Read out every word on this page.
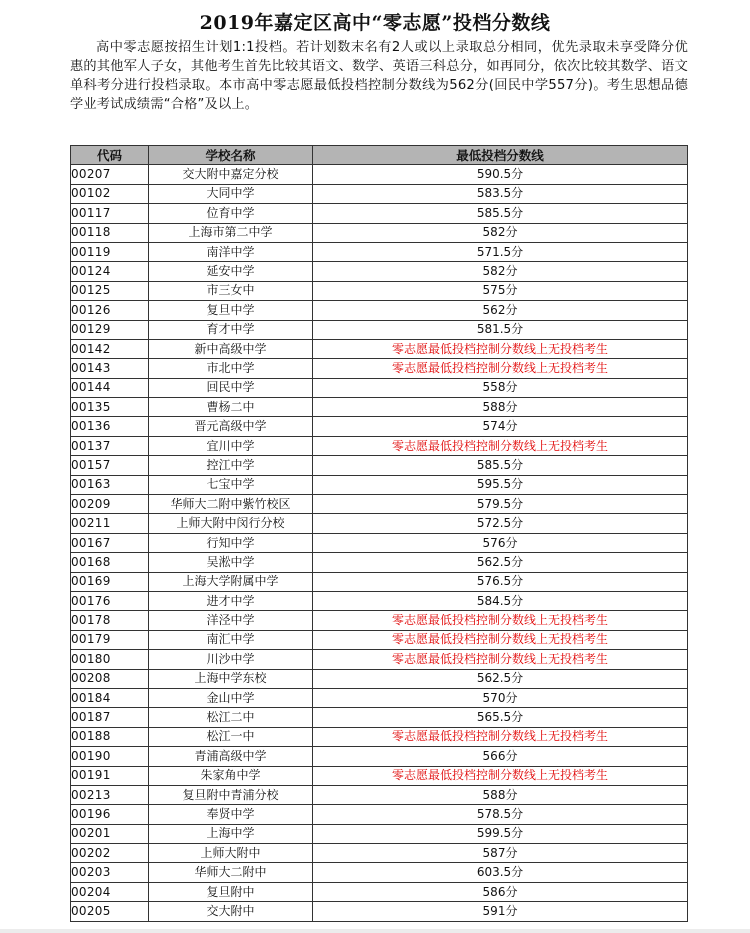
2019年嘉定区高中“零志愿”投档分数线
高中零志愿按招生计划1:1投档。若计划数末名有2人或以上录取总分相同，优先录取未享受降分优惠的其他军人子女，其他考生首先比较其语文、数学、英语三科总分，如再同分，依次比较其数学、语文单科考分进行投档录取。本市高中零志愿最低投档控制分数线为562分(回民中学557分)。考生思想品德学业考试成绩需“合格”及以上。
代码	学校名称	最低投档分数线
00207	交大附中嘉定分校	590.5分
00102	大同中学	583.5分
00117	位育中学	585.5分
00118	上海市第二中学	582分
00119	南洋中学	571.5分
00124	延安中学	582分
00125	市三女中	575分
00126	复旦中学	562分
00129	育才中学	581.5分
00142	新中高级中学	零志愿最低投档控制分数线上无投档考生
00143	市北中学	零志愿最低投档控制分数线上无投档考生
00144	回民中学	558分
00135	曹杨二中	588分
00136	晋元高级中学	574分
00137	宜川中学	零志愿最低投档控制分数线上无投档考生
00157	控江中学	585.5分
00163	七宝中学	595.5分
00209	华师大二附中紫竹校区	579.5分
00211	上师大附中闵行分校	572.5分
00167	行知中学	576分
00168	吴淞中学	562.5分
00169	上海大学附属中学	576.5分
00176	进才中学	584.5分
00178	洋泾中学	零志愿最低投档控制分数线上无投档考生
00179	南汇中学	零志愿最低投档控制分数线上无投档考生
00180	川沙中学	零志愿最低投档控制分数线上无投档考生
00208	上海中学东校	562.5分
00184	金山中学	570分
00187	松江二中	565.5分
00188	松江一中	零志愿最低投档控制分数线上无投档考生
00190	青浦高级中学	566分
00191	朱家角中学	零志愿最低投档控制分数线上无投档考生
00213	复旦附中青浦分校	588分
00196	奉贤中学	578.5分
00201	上海中学	599.5分
00202	上师大附中	587分
00203	华师大二附中	603.5分
00204	复旦附中	586分
00205	交大附中	591分
